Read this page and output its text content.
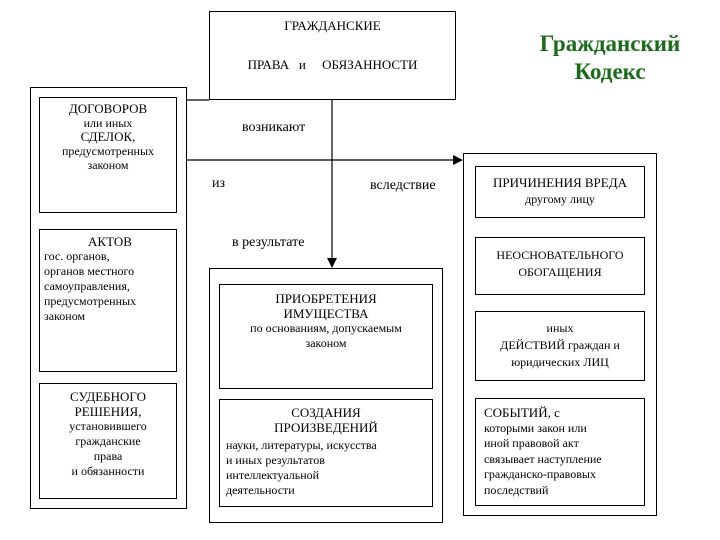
ГРАЖДАНСКИЕ
ПРАВА   и     ОБЯЗАННОСТИ
Гражданский
Кодекс
возникают
из	вследствие
в результате
ДОГОВОРОВ
или иных
СДЕЛОК,
предусмотренных
законом
АКТОВ
гос. органов,
органов местного
самоуправления,
предусмотренных
законом
СУДЕБНОГО
РЕШЕНИЯ,
установившего
гражданские
права
и обязанности
ПРИОБРЕТЕНИЯ
ИМУЩЕСТВА
по основаниям, допускаемым
законом
СОЗДАНИЯ
ПРОИЗВЕДЕНИЙ
науки, литературы, искусства
и иных результатов
интеллектуальной
деятельности
ПРИЧИНЕНИЯ ВРЕДА
другому лицу
НЕОСНОВАТЕЛЬНОГО
ОБОГАЩЕНИЯ
иных
ДЕЙСТВИЙ граждан и
юридических ЛИЦ
СОБЫТИЙ, с
которыми закон или
иной правовой акт
связывает наступление
гражданско-правовых
последствий
